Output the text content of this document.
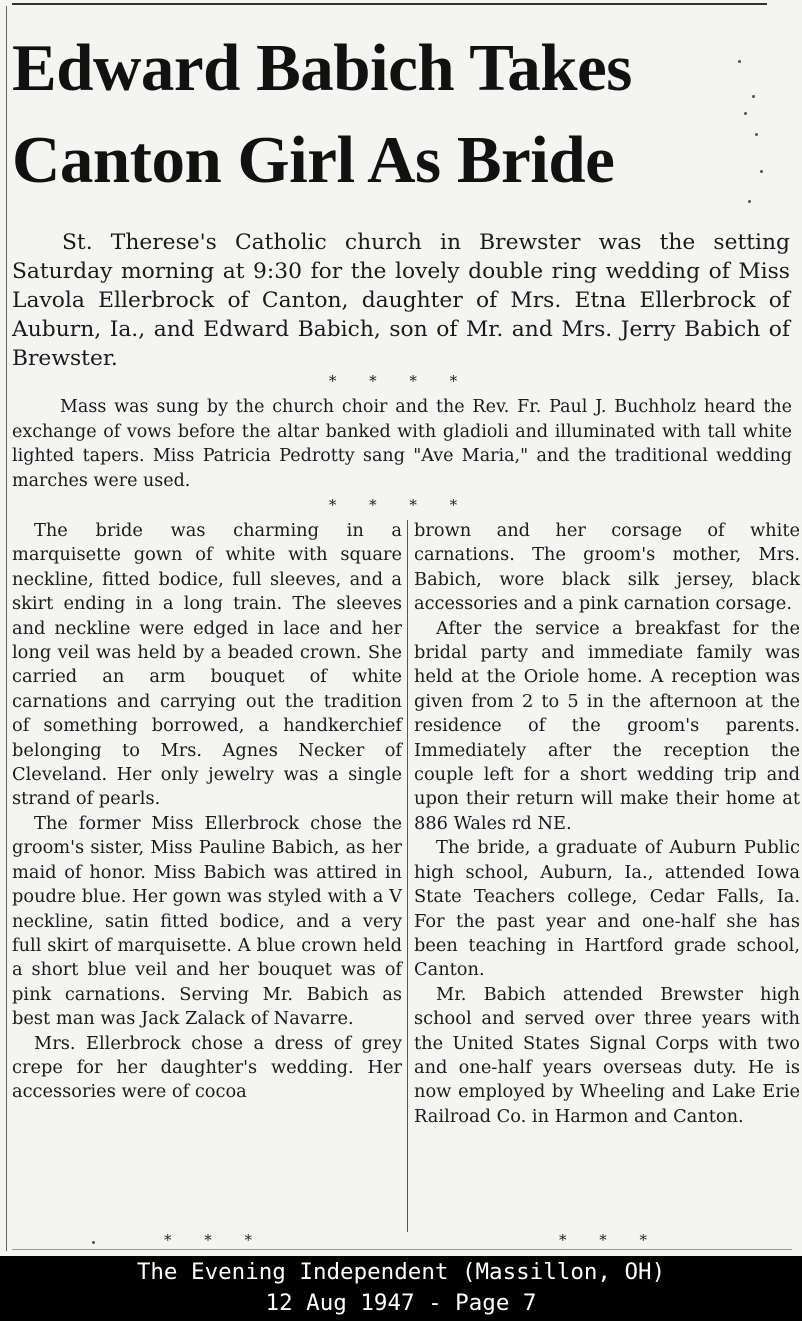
Edward Babich Takes Canton Girl As Bride

St. Therese's Catholic church in Brewster was the setting Saturday morning at 9:30 for the lovely double ring wedding of Miss Lavola Ellerbrock of Canton, daughter of Mrs. Etna Ellerbrock of Auburn, Ia., and Edward Babich, son of Mr. and Mrs. Jerry Babich of Brewster.

* * * *

Mass was sung by the church choir and the Rev. Fr. Paul J. Buchholz heard the exchange of vows before the altar banked with gladioli and illuminated with tall white lighted tapers. Miss Patricia Pedrotty sang "Ave Maria," and the traditional wedding marches were used.

* * * *

The bride was charming in a marquisette gown of white with square neckline, fitted bodice, full sleeves, and a skirt ending in a long train. The sleeves and neckline were edged in lace and her long veil was held by a beaded crown. She carried an arm bouquet of white carnations and carrying out the tradition of something borrowed, a handkerchief belonging to Mrs. Agnes Necker of Cleveland. Her only jewelry was a single strand of pearls.

The former Miss Ellerbrock chose the groom's sister, Miss Pauline Babich, as her maid of honor. Miss Babich was attired in poudre blue. Her gown was styled with a V neckline, satin fitted bodice, and a very full skirt of marquisette. A blue crown held a short blue veil and her bouquet was of pink carnations. Serving Mr. Babich as best man was Jack Zalack of Navarre.

Mrs. Ellerbrock chose a dress of grey crepe for her daughter's wedding. Her accessories were of cocoa

brown and her corsage of white carnations. The groom's mother, Mrs. Babich, wore black silk jersey, black accessories and a pink carnation corsage.

After the service a breakfast for the bridal party and immediate family was held at the Oriole home. A reception was given from 2 to 5 in the afternoon at the residence of the groom's parents. Immediately after the reception the couple left for a short wedding trip and upon their return will make their home at 886 Wales rd NE.

The bride, a graduate of Auburn Public high school, Auburn, Ia., attended Iowa State Teachers college, Cedar Falls, Ia. For the past year and one-half she has been teaching in Hartford grade school, Canton.

Mr. Babich attended Brewster high school and served over three years with the United States Signal Corps with two and one-half years overseas duty. He is now employed by Wheeling and Lake Erie Railroad Co. in Harmon and Canton.

* * *	* * *
The Evening Independent (Massillon, OH)
12 Aug 1947 - Page 7
